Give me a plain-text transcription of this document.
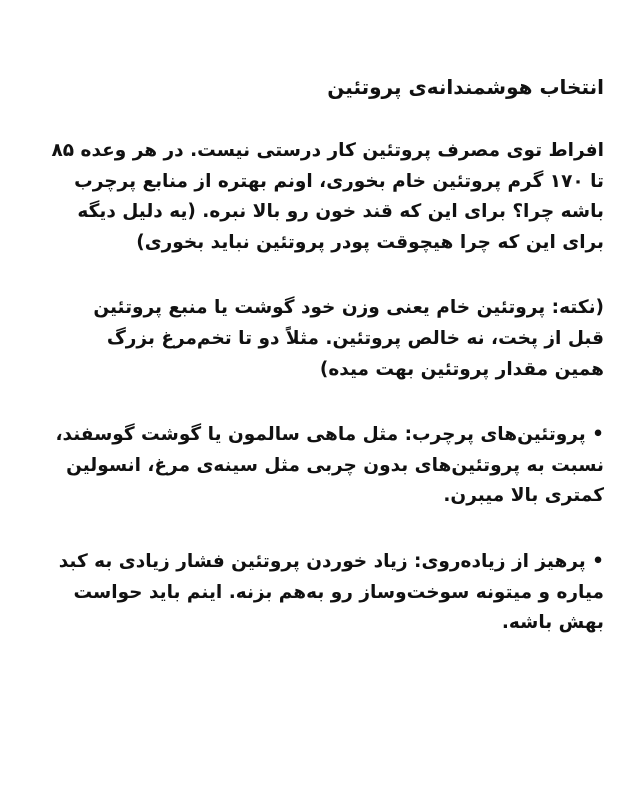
انتخاب هوشمندانه‌ی پروتئین
افراط توی مصرف پروتئین کار درستی نیست. در هر وعده ۸۵
تا ۱۷۰ گرم پروتئین خام بخوری، اونم بهتره از منابع پرچرب
باشه چرا؟ برای این که قند خون رو بالا نبره. (یه دلیل دیگه
برای این که چرا هیچوقت پودر پروتئین نباید بخوری)
(نکته: پروتئین خام یعنی وزن خود گوشت یا منبع پروتئین
قبل از پخت، نه خالص پروتئین. مثلاً دو تا تخم‌مرغ بزرگ
همین مقدار پروتئین بهت میده)
• پروتئین‌های پرچرب: مثل ماهی سالمون یا گوشت گوسفند،
نسبت به پروتئین‌های بدون چربی مثل سینه‌ی مرغ، انسولین
کمتری بالا میبرن.
• پرهیز از زیاده‌روی: زیاد خوردن پروتئین فشار زیادی به کبد
میاره و میتونه سوخت‌وساز رو به‌هم بزنه. اینم باید حواست
بهش باشه.
